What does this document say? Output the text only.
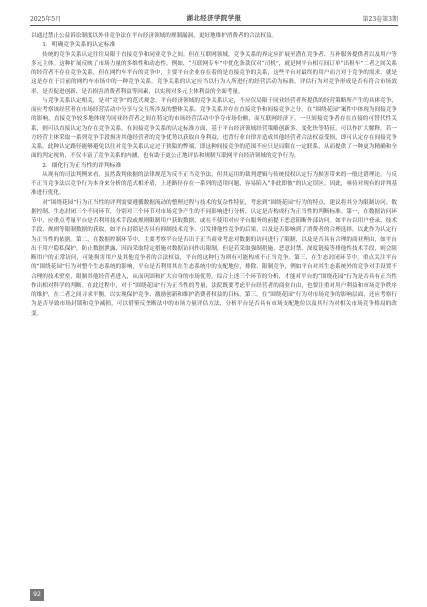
2025年5月	湖北经济学院学报	第23卷第3期

以通过禁止公益诉讼制度以外非竞争法在平台经济领域的规制漏洞，更好地维护消费者的合法权益。

1．明确竞争关系的认定标准

传统的竞争关系认定往往局限于直接竞争和同业竞争之间。但在互联网领域，竞争关系的界定应扩展至潜在竞争者、互补服务提供者以及用户等多元主体。这种扩展反映了市场力量的多维性和动态性。例如，“互联网专车”中优化条款仅对“司机”，就是网平台相互间订单“出租车”二者之间关系的经营者不存在竞争关系，但在网约车平台的竞争中，主要平台企业存在着的是直接竞争的关系，这些平台对最终的用户而言对于竞争的需求，就是这是存在于目前的网约车市场中的一种竞争关系。竞争关系的认定应当以行为人所进行的经营活动为标准，评估行为对竞争形成是否有符合市场效率、是否促进创新、是否损害消费者利益等因素，以实现对多元主体利益的全面考量。

与竞争关系认定相关，是对“竞争”的范式观念。平台经济领域的竞争关系认定，不应仅局限于同业经营者所提供的经营策略所产生的具体竞争，而应考察该经营者在市场经营活动中分享与交互所涉及的整体关系。竞争关系并存在直接竞争和间接竞争之分，在“围绕花园”案件中体现为间接竞争的影响，直接竞争较多地体现为同业经营者之间在特定的市场经营活动中争夺市场份额，而互联网经济下，一旦间接竞争者存在直接的可替代性关系，则可以直接认定为存在竞争关系。在间接竞争关系的认定标准方面，基于平台经济领域经营策略创新多、变化快等特征，可以作扩大解释，若一方经营主体采取一系列竞争手段损害其他经营者的竞争优势以获取自身利益，违背行业自律并造成其他经营者合法权益受损，即可认定存在间接竞争关系。此种认定路径能够避免以往对竞争关系认定过于狭隘的弊端，即这种间接竞争的范围不应只是局限在一定联系，从而提供了一种更为精确和全面的判定视角，不仅丰富了竞争关系的内涵，也有助于更公正地评估和规制互联网平台经济领域的竞争行为。

2．细化行为正当性的评判标准

从现有的司法判例来看，虽然裁判依据的法律规范为反不正当竞争法，但其运用的裁判逻辑与传统侵权认定行为损害带来的一般过错理论，与反不正当竞争法以竞争行为本身来分析的范式相矛盾，上述路径存在一系列的适用问题，容易陷入“非此即彼”的认定误区。因此，亟待对现有的评判基准进行优化。

对“围绕花园”行为正当性的评判需要遵循数据流动的整理过程与技术的复杂性特征，考虑到“围绕花园”行为的特点，建议将其分为限制访问、数据控制、生态封闭三个不同环节，分别对三个环节对市场竞争产生的不同影响进行分析，认定是否构成行为正当性的判断标准。第一，在数据访问环节中，应重点考量平台是否利用技术手段或规则限制用户获取数据，或在不使用对应平台服务的前提下恶意阻断外部访问。如平台以用户登录、技术手段、规则等限制数据的获取，如平台封锁是否具有抑制技术竞争、引发排他性竞争的后果，以及是否影响到了消费者的合理选择，以此作为认定行为正当性的依据。第二，在数据控制环节中，主要考察平台是否出于正当商业考虑对数据的访问进行了限制，以及是否具有合理的商业理由，如平台出于用户隐私保护，防止数据泄露，因而采取特定措施对数据访问作出限制，但是若采取强制措施、恶意封禁、深度链接等排他性技术手段，则会阻断用户的正常访问，可能损害用户及其他竞争者的合法权益，平台的这种行为则有可能构成不正当竞争。第三，在生态封闭环节中，重点关注平台的“围绕花园”行为对整个生态系统的影响，平台是否利用其在生态系统中的支配地位，排除、限制竞争，例如平台对其生态系统外的竞争对手设置不合理的技术壁垒，限制其他经营者进入，从而巩固和扩大自身的市场优势。综合上述三个环节的分析，才能对平台的“围绕花园”行为是否具有正当性作出相对科学的判断。在此过程中，对于“围绕花园”行为正当性的考量，法院既要考虑平台经营者的商业自由，也要注重对用户利益和市场竞争秩序的维护，在二者之间寻求平衡，以实现保护竞争、激励创新和维护消费者权益的目标。第三，在“围绕花园”行为对市场竞争的影响层面，还应考察行为是否导致市场封锁和竞争减损，可以借鉴反垄断法中的市场力量评估方法，分析平台是否具有市场支配地位以及其行为对相关市场竞争格局的改变。

92
